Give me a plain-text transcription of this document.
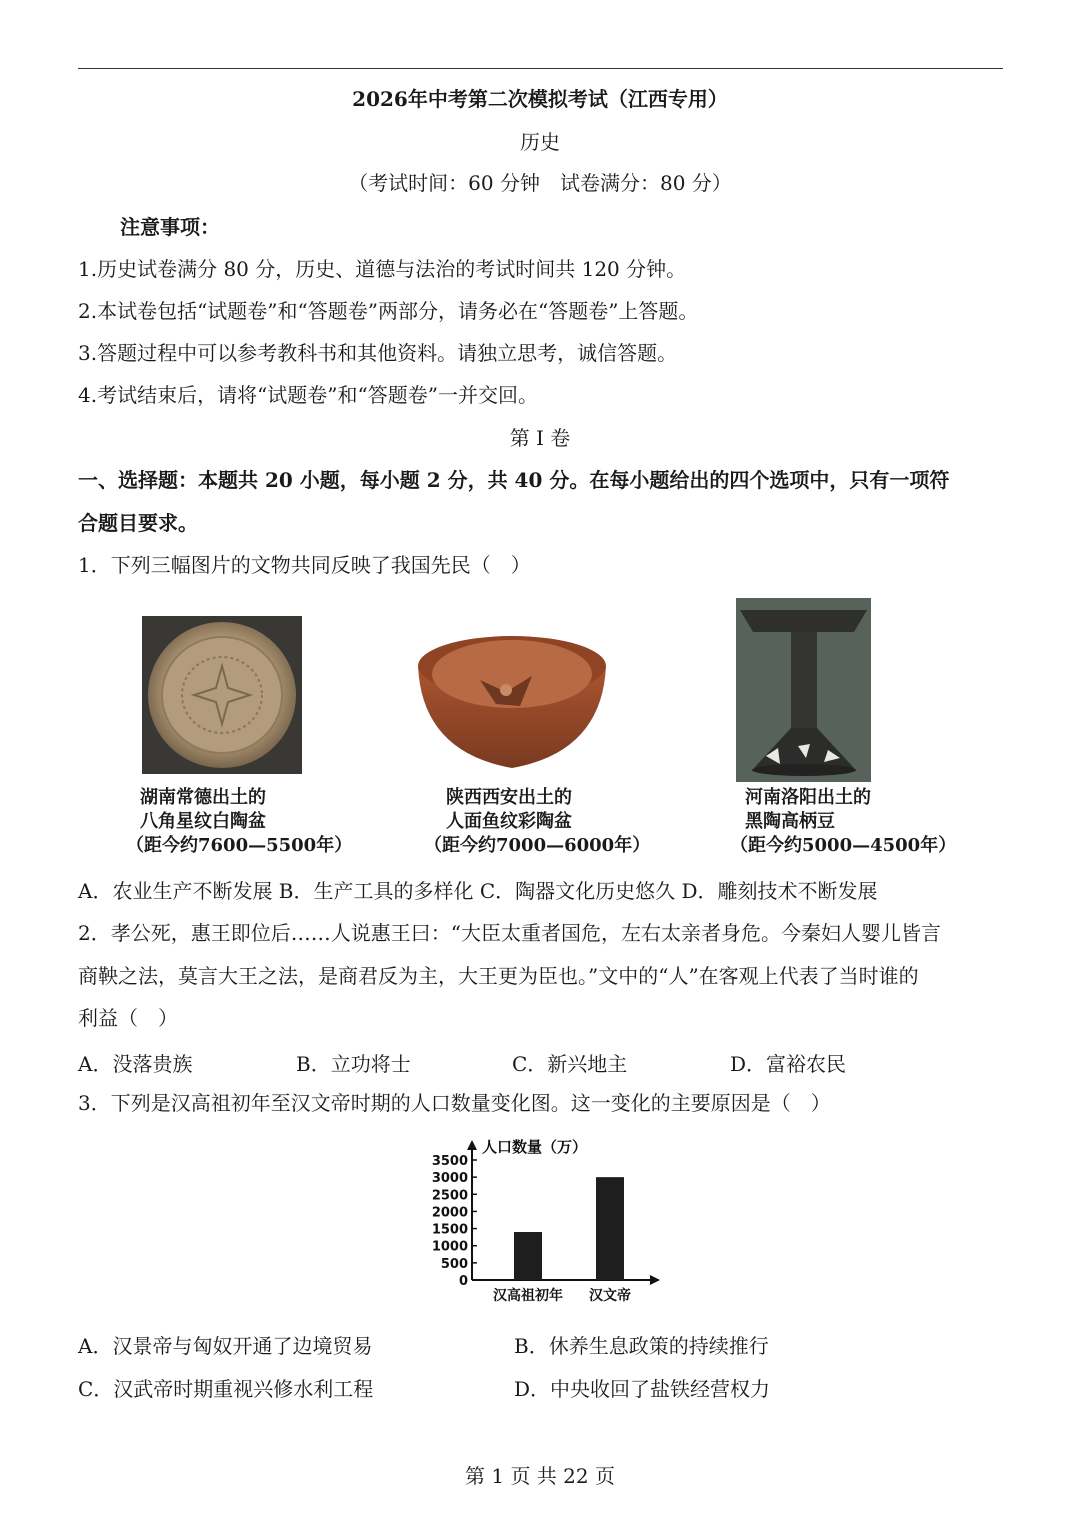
2026年中考第二次模拟考试（江西专用）
历史
（考试时间：60 分钟　试卷满分：80 分）
注意事项：
1.历史试卷满分 80 分，历史、道德与法治的考试时间共 120 分钟。
2.本试卷包括“试题卷”和“答题卷”两部分，请务必在“答题卷”上答题。
3.答题过程中可以参考教科书和其他资料。请独立思考，诚信答题。
4.考试结束后，请将“试题卷”和“答题卷”一并交回。
第 I 卷
一、选择题：本题共 20 小题，每小题 2 分，共 40 分。在每小题给出的四个选项中，只有一项符
合题目要求。
1．下列三幅图片的文物共同反映了我国先民（　）
湖南常德出土的
八角星纹白陶盆
（距今约7600—5500年）
陕西西安出土的
人面鱼纹彩陶盆
（距今约7000—6000年）
河南洛阳出土的
黑陶高柄豆
（距今约5000—4500年）
A．农业生产不断发展 B．生产工具的多样化 C．陶器文化历史悠久 D．雕刻技术不断发展
2．孝公死，惠王即位后……人说惠王曰：“大臣太重者国危，左右太亲者身危。今秦妇人婴儿皆言
商鞅之法，莫言大王之法，是商君反为主，大王更为臣也。”文中的“人”在客观上代表了当时谁的
利益（　）
A．没落贵族	B．立功将士	C．新兴地主	D．富裕农民
3．下列是汉高祖初年至汉文帝时期的人口数量变化图。这一变化的主要原因是（　）
人口数量（万）
0
500
1000
1500
2000
2500
3000
3500
汉高祖初年 汉文帝
A．汉景帝与匈奴开通了边境贸易	B．休养生息政策的持续推行
C．汉武帝时期重视兴修水利工程	D．中央收回了盐铁经营权力
第 1 页 共 22 页
